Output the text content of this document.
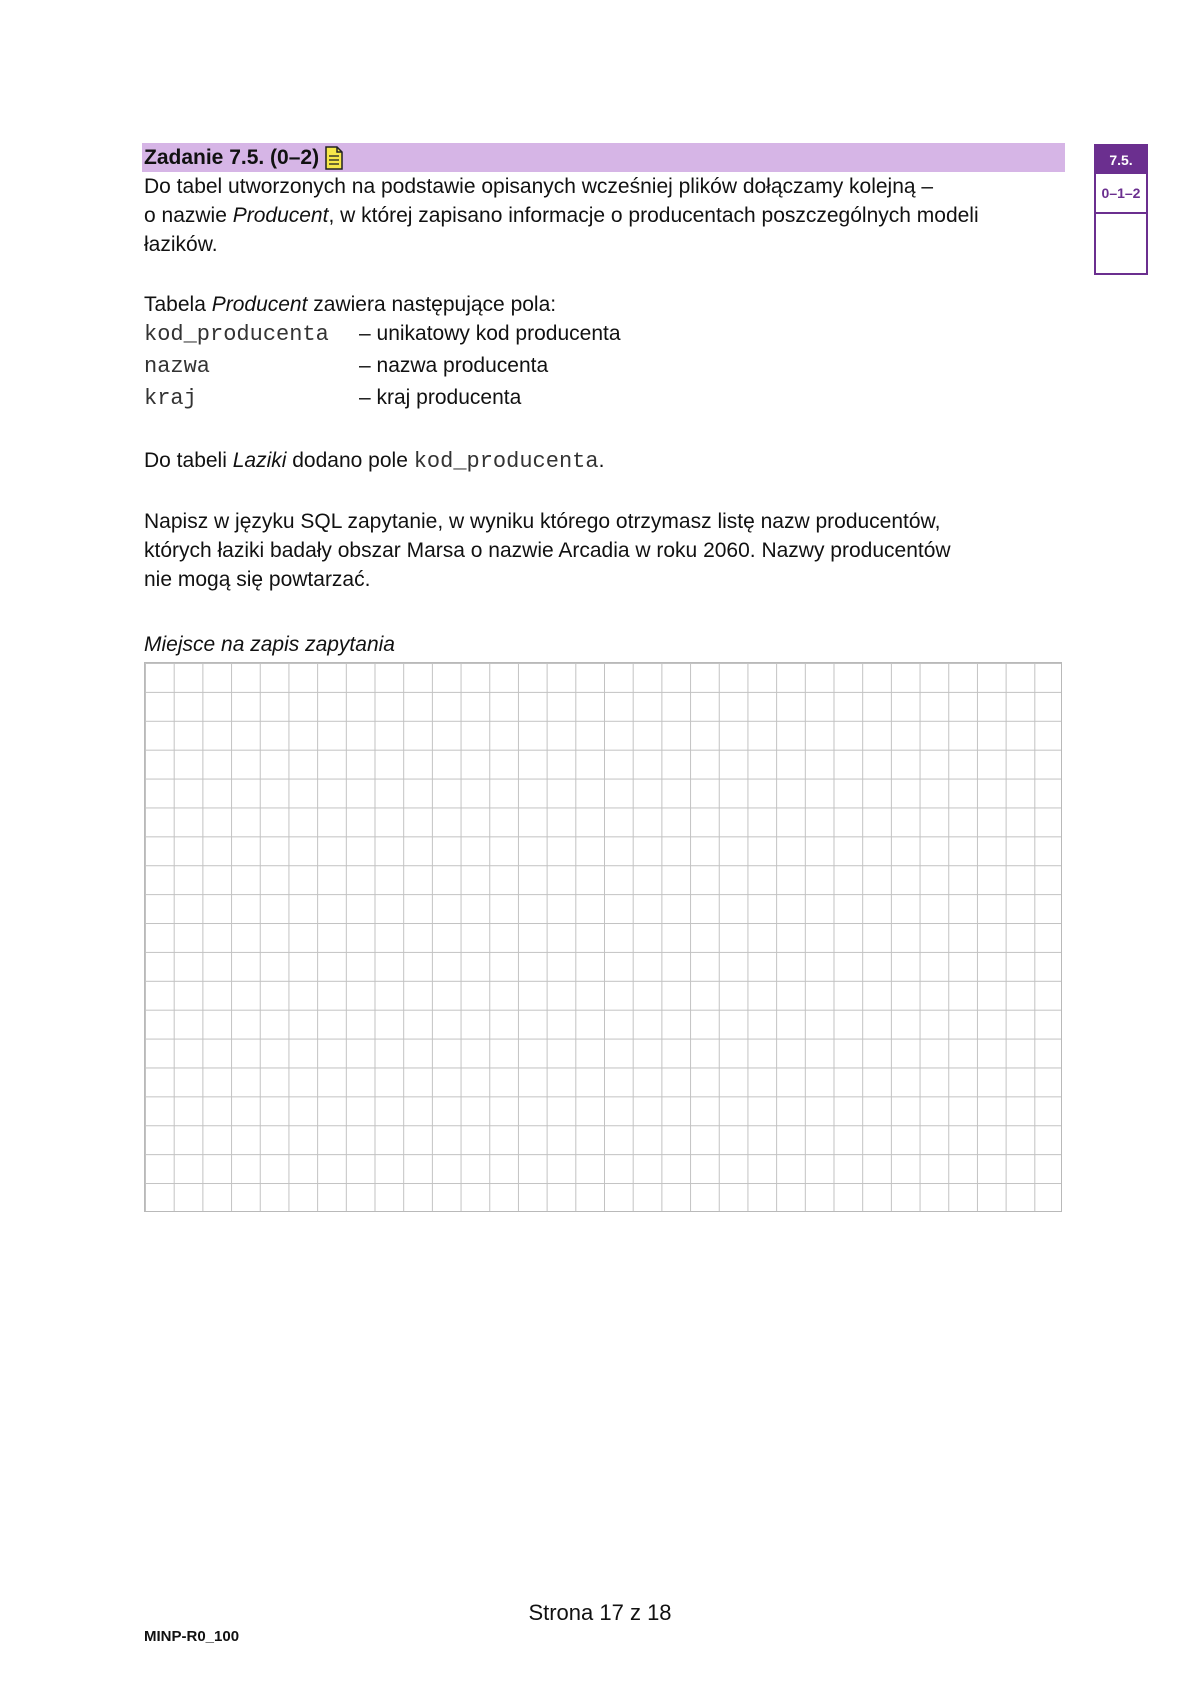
Zadanie 7.5. (0–2)	7.5.
0–1–2
Do tabel utworzonych na podstawie opisanych wcześniej plików dołączamy kolejną –
o nazwie Producent, w której zapisano informacje o producentach poszczególnych modeli
łazików.
Tabela Producent zawiera następujące pola:
kod_producenta	– unikatowy kod producenta
nazwa	– nazwa producenta
kraj	– kraj producenta
Do tabeli Laziki dodano pole kod_producenta.
Napisz w języku SQL zapytanie, w wyniku którego otrzymasz listę nazw producentów,
których łaziki badały obszar Marsa o nazwie Arcadia w roku 2060. Nazwy producentów
nie mogą się powtarzać.
Miejsce na zapis zapytania
Strona 17 z 18
MINP-R0_100
